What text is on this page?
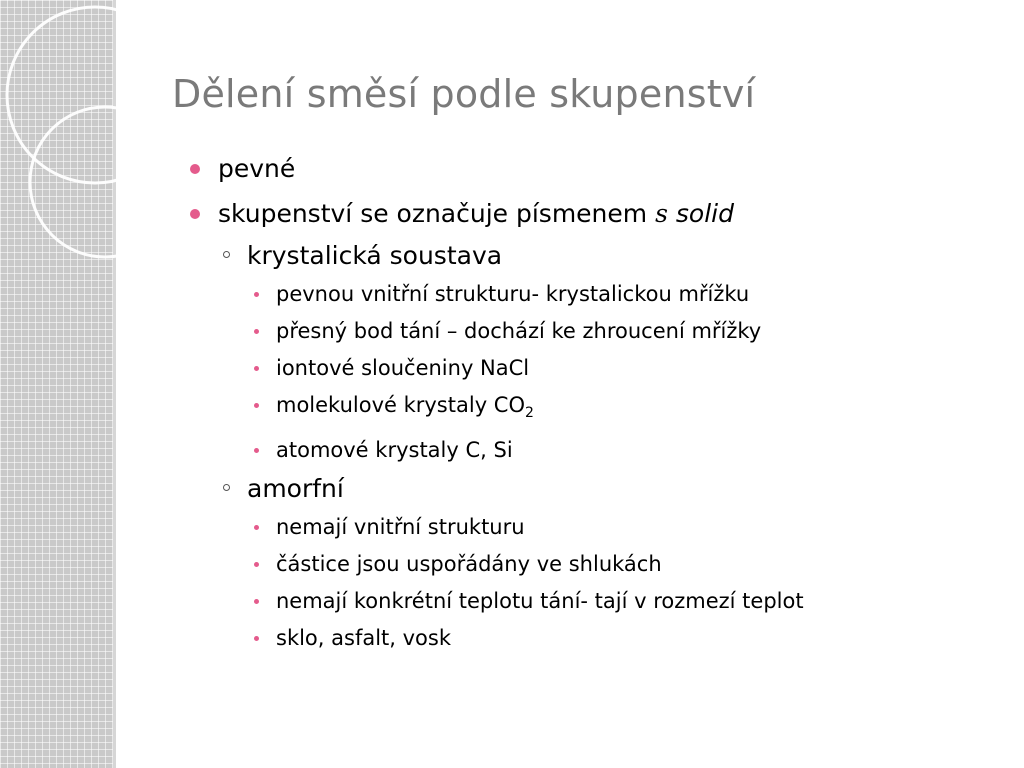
Dělení směsí podle skupenství
pevné
skupenství se označuje písmenem s solid
krystalická soustava
pevnou vnitřní strukturu- krystalickou mřížku
přesný bod tání – dochází ke zhroucení mřížky
iontové sloučeniny NaCl
molekulové krystaly $CO_2$
atomové krystaly C, Si
amorfní
nemají vnitřní strukturu
částice jsou uspořádány ve shlukách
nemají konkrétní teplotu tání- tají v rozmezí teplot
sklo, asfalt, vosk
